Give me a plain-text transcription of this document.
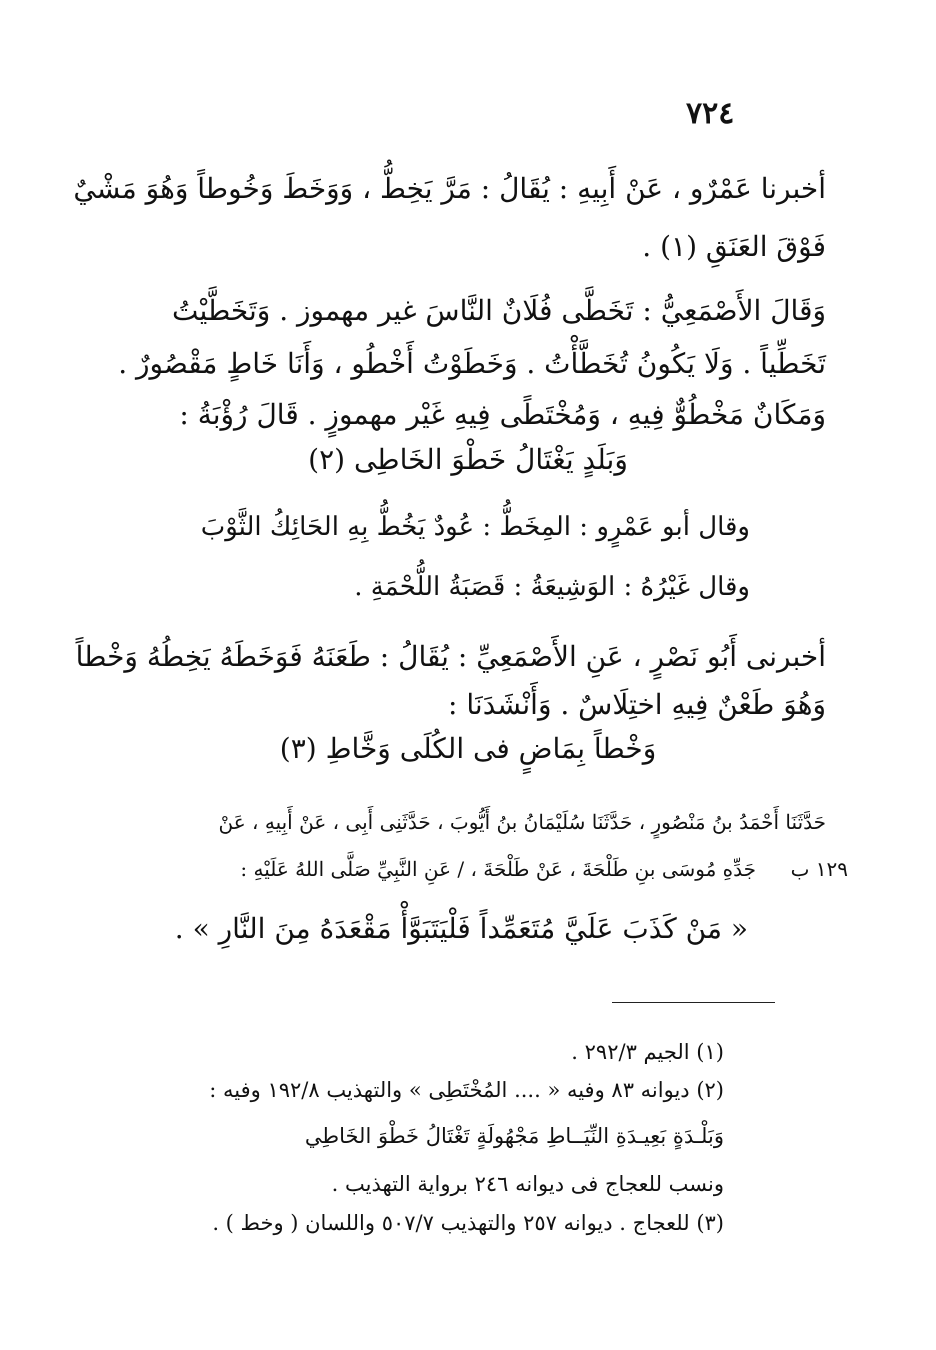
٧٢٤
أخبرنا عَمْرٌو ، عَنْ أَبِيهِ : يُقَالُ : مَرَّ يَخِطُّ ، وَوَخَطَ وَخُوطاً وَهُوَ مَشْيٌ
فَوْقَ العَنَقِ (١) .
وَقَالَ الأَصْمَعِيُّ : تَخَطَّى فُلَانٌ النَّاسَ غير مهموز . وَتَخَطَّيْتُ
تَخَطِّياً . وَلَا يَكُونُ تُخَطَّأْتُ . وَخَطَوْتُ أَخْطُو ، وَأَنَا خَاطٍ مَقْصُورٌ .
وَمَكَانٌ مَخْطُوٌّ فِيهِ ، وَمُخْتَطًى فِيهِ غَيْر مهموزٍ . قَالَ رُؤْبَةُ :
وَبَلَدٍ يَغْتَالُ خَطْوَ الخَاطِى (٢)
وقال أبو عَمْرٍو : المِخَطُّ : عُودٌ يَخُطُّ بِهِ الحَائِكُ الثَّوْبَ
وقال غَيْرُهُ : الوَشِيعَةُ : قَصَبَةُ اللُّحْمَةِ .
أخبرنى أَبُو نَصْرٍ ، عَنِ الأَصْمَعِيِّ : يُقَالُ : طَعَنَهُ فَوَخَطَهُ يَخِطُهُ وَخْطاً
وَهُوَ طَعْنٌ فِيهِ اختِلَاسٌ . وَأَنْشَدَنَا :
وَخْطاً بِمَاضٍ فى الكُلَى وَخَّاطِ (٣)
حَدَّثَنَا أَحْمَدُ بنُ مَنْصُورٍ ، حَدَّثَنَا سُلَيْمَانُ بنُ أَيُّوبَ ، حَدَّثَنِى أَبِى ، عَنْ أَبِيهِ ، عَنْ
١٢٩ ب
جَدِّهِ مُوسَى بنِ طَلْحَةَ ، عَنْ طَلْحَةَ ، / عَنِ النَّبِيِّ صَلَّى اللهُ عَلَيْهِ :
« مَنْ كَذَبَ عَلَيَّ مُتَعَمِّداً فَلْيَتَبَوَّأْ مَقْعَدَهُ مِنَ النَّارِ » .
(١) الجيم ٢٩٢/٣ .
(٢) ديوانه ٨٣ وفيه « .... المُخْتَطِى » والتهذيب ١٩٢/٨ وفيه :
وَبَلْـدَةٍ بَعِيـدَةِ النِّيَــاطِ مَجْهُولَةٍ تَغْتَالُ خَطْوَ الخَاطِي
ونسب للعجاج فى ديوانه ٢٤٦ برواية التهذيب .
(٣) للعجاج . ديوانه ٢٥٧ والتهذيب ٥٠٧/٧ واللسان ( وخط ) .
